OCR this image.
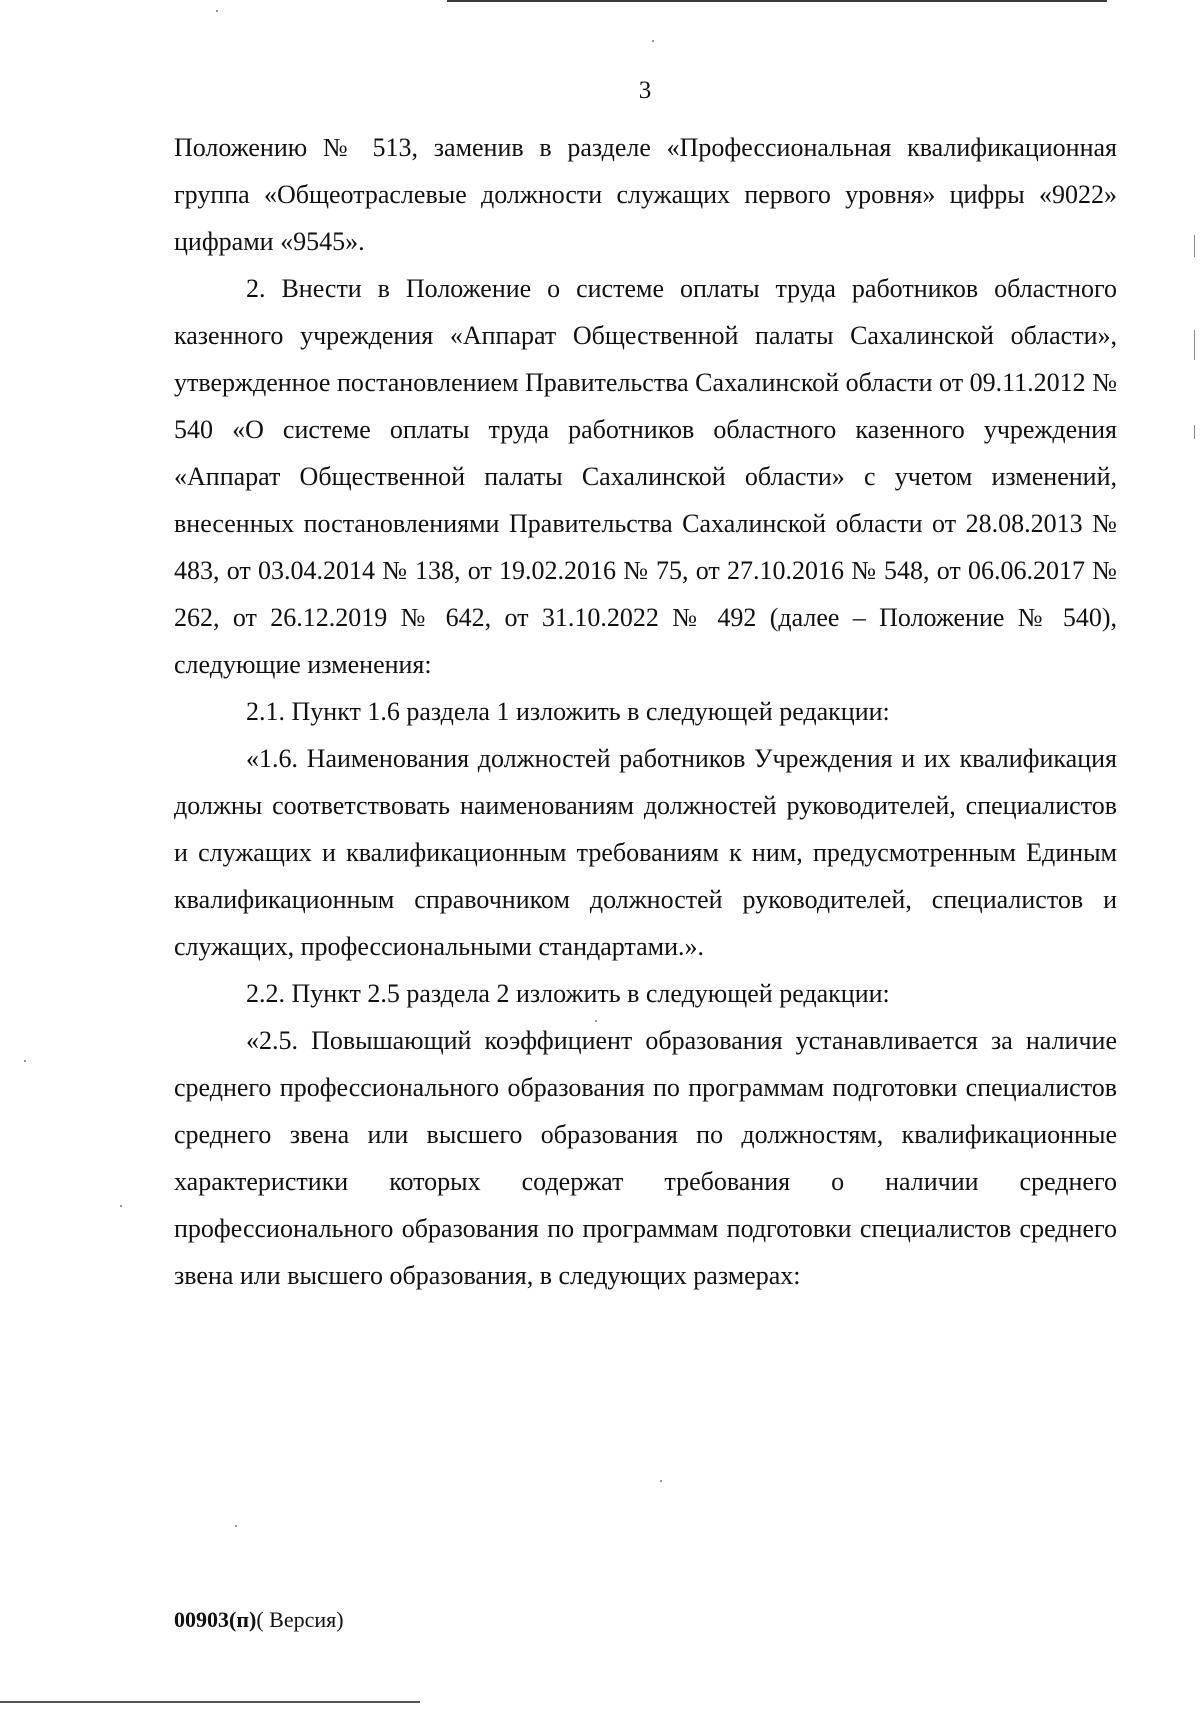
3

Положению № 513, заменив в разделе «Профессиональная квалификационная группа «Общеотраслевые должности служащих первого уровня» цифры «9022» цифрами «9545».

2. Внести в Положение о системе оплаты труда работников областного казенного учреждения «Аппарат Общественной палаты Сахалинской области», утвержденное постановлением Правительства Сахалинской области от 09.11.2012 № 540 «О системе оплаты труда работников областного казенного учреждения «Аппарат Общественной палаты Сахалинской области» с учетом изменений, внесенных постановлениями Правительства Сахалинской области от 28.08.2013 № 483, от 03.04.2014 № 138, от 19.02.2016 № 75, от 27.10.2016 № 548, от 06.06.2017 № 262, от 26.12.2019 № 642, от 31.10.2022 № 492 (далее – Положение № 540), следующие изменения:

2.1. Пункт 1.6 раздела 1 изложить в следующей редакции:

«1.6. Наименования должностей работников Учреждения и их квалификация должны соответствовать наименованиям должностей руководителей, специалистов и служащих и квалификационным требованиям к ним, предусмотренным Единым квалификационным справочником должностей руководителей, специалистов и служащих, профессиональными стандартами.».

2.2. Пункт 2.5 раздела 2 изложить в следующей редакции:

«2.5. Повышающий коэффициент образования устанавливается за наличие среднего профессионального образования по программам подготовки специалистов среднего звена или высшего образования по должностям, квалификационные характеристики которых содержат требования о наличии среднего профессионального образования по программам подготовки специалистов среднего звена или высшего образования, в следующих размерах:

00903(п)( Версия)
